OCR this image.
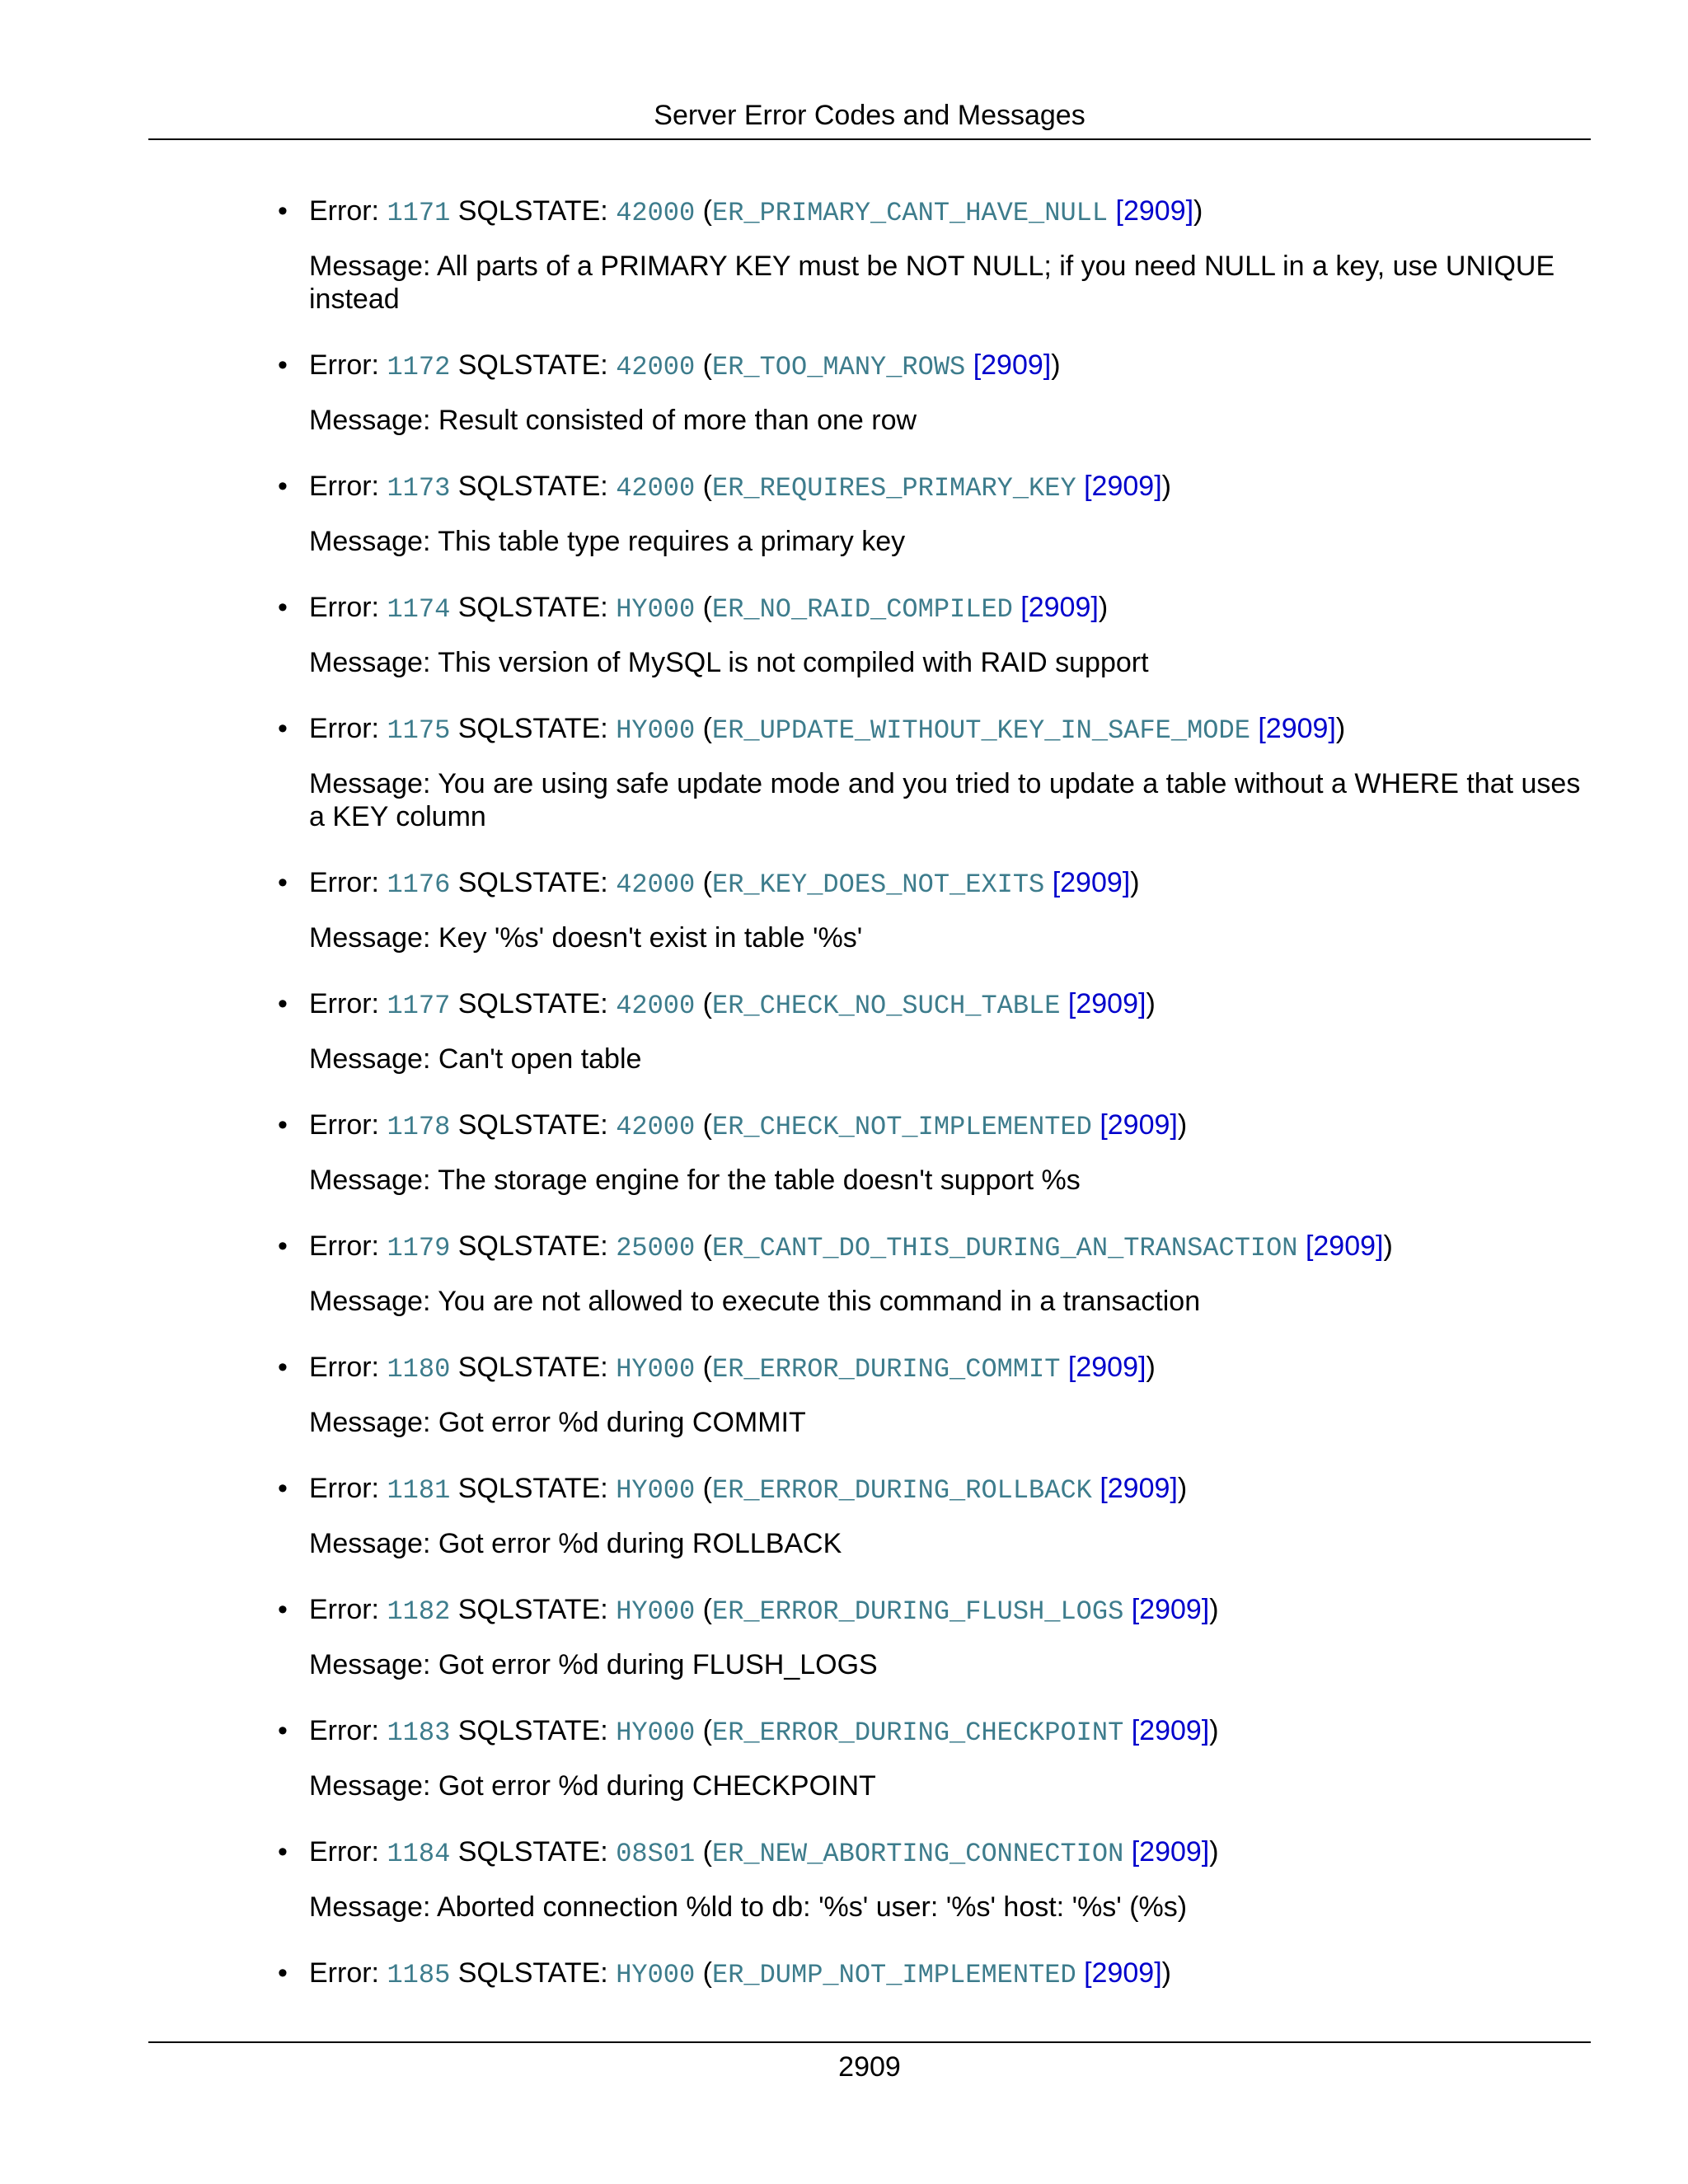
Server Error Codes and Messages
• Error: 1171 SQLSTATE: 42000 (ER_PRIMARY_CANT_HAVE_NULL [2909])
Message: All parts of a PRIMARY KEY must be NOT NULL; if you need NULL in a key, use UNIQUE instead
• Error: 1172 SQLSTATE: 42000 (ER_TOO_MANY_ROWS [2909])
Message: Result consisted of more than one row
• Error: 1173 SQLSTATE: 42000 (ER_REQUIRES_PRIMARY_KEY [2909])
Message: This table type requires a primary key
• Error: 1174 SQLSTATE: HY000 (ER_NO_RAID_COMPILED [2909])
Message: This version of MySQL is not compiled with RAID support
• Error: 1175 SQLSTATE: HY000 (ER_UPDATE_WITHOUT_KEY_IN_SAFE_MODE [2909])
Message: You are using safe update mode and you tried to update a table without a WHERE that uses a KEY column
• Error: 1176 SQLSTATE: 42000 (ER_KEY_DOES_NOT_EXITS [2909])
Message: Key '%s' doesn't exist in table '%s'
• Error: 1177 SQLSTATE: 42000 (ER_CHECK_NO_SUCH_TABLE [2909])
Message: Can't open table
• Error: 1178 SQLSTATE: 42000 (ER_CHECK_NOT_IMPLEMENTED [2909])
Message: The storage engine for the table doesn't support %s
• Error: 1179 SQLSTATE: 25000 (ER_CANT_DO_THIS_DURING_AN_TRANSACTION [2909])
Message: You are not allowed to execute this command in a transaction
• Error: 1180 SQLSTATE: HY000 (ER_ERROR_DURING_COMMIT [2909])
Message: Got error %d during COMMIT
• Error: 1181 SQLSTATE: HY000 (ER_ERROR_DURING_ROLLBACK [2909])
Message: Got error %d during ROLLBACK
• Error: 1182 SQLSTATE: HY000 (ER_ERROR_DURING_FLUSH_LOGS [2909])
Message: Got error %d during FLUSH_LOGS
• Error: 1183 SQLSTATE: HY000 (ER_ERROR_DURING_CHECKPOINT [2909])
Message: Got error %d during CHECKPOINT
• Error: 1184 SQLSTATE: 08S01 (ER_NEW_ABORTING_CONNECTION [2909])
Message: Aborted connection %ld to db: '%s' user: '%s' host: '%s' (%s)
• Error: 1185 SQLSTATE: HY000 (ER_DUMP_NOT_IMPLEMENTED [2909])
2909
